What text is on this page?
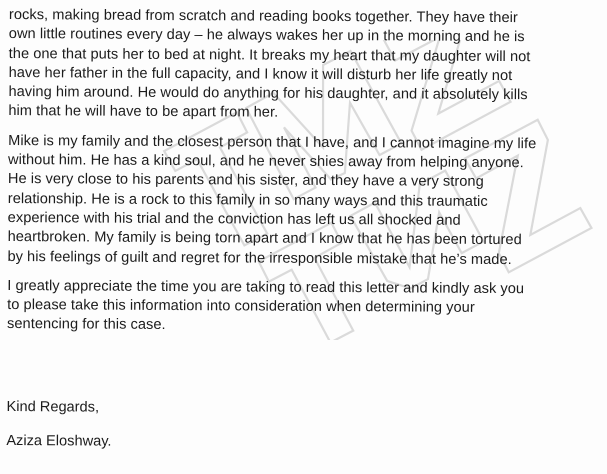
rocks, making bread from scratch and reading books together. They have their
own little routines every day – he always wakes her up in the morning and he is
the one that puts her to bed at night. It breaks my heart that my daughter will not
have her father in the full capacity, and I know it will disturb her life greatly not
having him around. He would do anything for his daughter, and it absolutely kills
him that he will have to be apart from her.

Mike is my family and the closest person that I have, and I cannot imagine my life
without him. He has a kind soul, and he never shies away from helping anyone.
He is very close to his parents and his sister, and they have a very strong
relationship. He is a rock to this family in so many ways and this traumatic
experience with his trial and the conviction has left us all shocked and
heartbroken. My family is being torn apart and I know that he has been tortured
by his feelings of guilt and regret for the irresponsible mistake that he’s made.

I greatly appreciate the time you are taking to read this letter and kindly ask you
to please take this information into consideration when determining your
sentencing for this case.

Kind Regards,
Aziza Eloshway.
